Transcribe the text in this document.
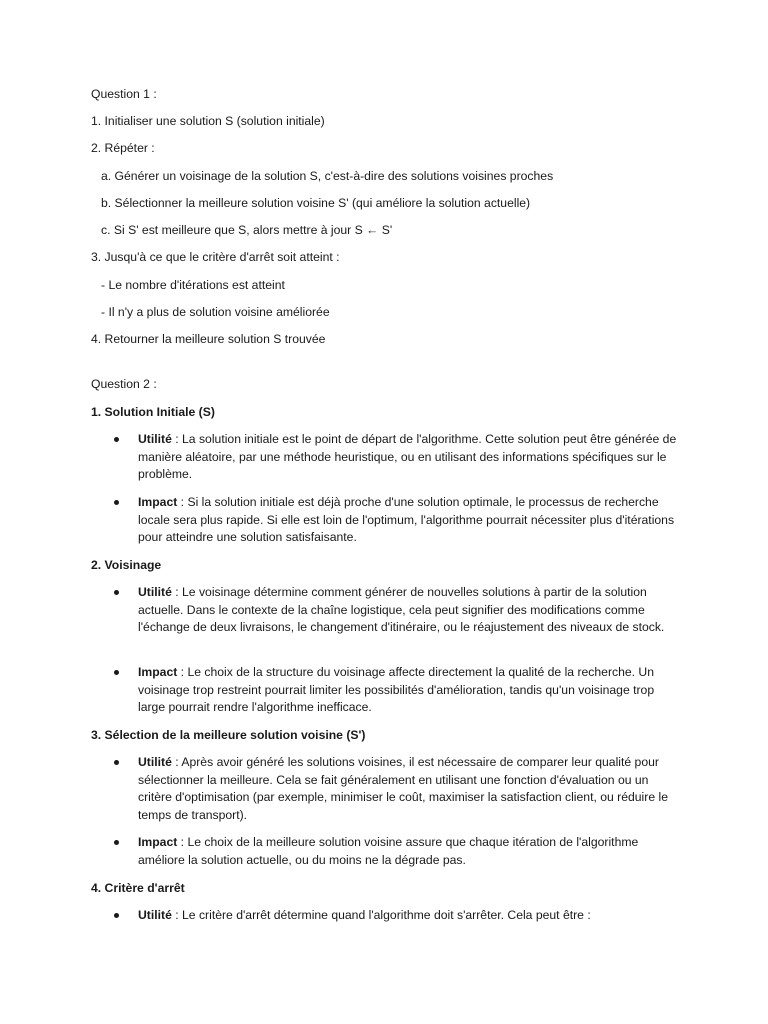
Question 1 :
1. Initialiser une solution S (solution initiale)
2. Répéter :
a. Générer un voisinage de la solution S, c'est-à-dire des solutions voisines proches
b. Sélectionner la meilleure solution voisine S' (qui améliore la solution actuelle)
c. Si S' est meilleure que S, alors mettre à jour S ← S'
3. Jusqu'à ce que le critère d'arrêt soit atteint :
- Le nombre d'itérations est atteint
- Il n'y a plus de solution voisine améliorée
4. Retourner la meilleure solution S trouvée
Question 2 :
1. Solution Initiale (S)
Utilité : La solution initiale est le point de départ de l'algorithme. Cette solution peut être générée de manière aléatoire, par une méthode heuristique, ou en utilisant des informations spécifiques sur le problème.
Impact : Si la solution initiale est déjà proche d'une solution optimale, le processus de recherche locale sera plus rapide. Si elle est loin de l'optimum, l'algorithme pourrait nécessiter plus d'itérations pour atteindre une solution satisfaisante.
2. Voisinage
Utilité : Le voisinage détermine comment générer de nouvelles solutions à partir de la solution actuelle. Dans le contexte de la chaîne logistique, cela peut signifier des modifications comme l'échange de deux livraisons, le changement d'itinéraire, ou le réajustement des niveaux de stock.
Impact : Le choix de la structure du voisinage affecte directement la qualité de la recherche. Un voisinage trop restreint pourrait limiter les possibilités d'amélioration, tandis qu'un voisinage trop large pourrait rendre l'algorithme inefficace.
3. Sélection de la meilleure solution voisine (S')
Utilité : Après avoir généré les solutions voisines, il est nécessaire de comparer leur qualité pour sélectionner la meilleure. Cela se fait généralement en utilisant une fonction d'évaluation ou un critère d'optimisation (par exemple, minimiser le coût, maximiser la satisfaction client, ou réduire le temps de transport).
Impact : Le choix de la meilleure solution voisine assure que chaque itération de l'algorithme améliore la solution actuelle, ou du moins ne la dégrade pas.
4. Critère d'arrêt
Utilité : Le critère d'arrêt détermine quand l'algorithme doit s'arrêter. Cela peut être :
